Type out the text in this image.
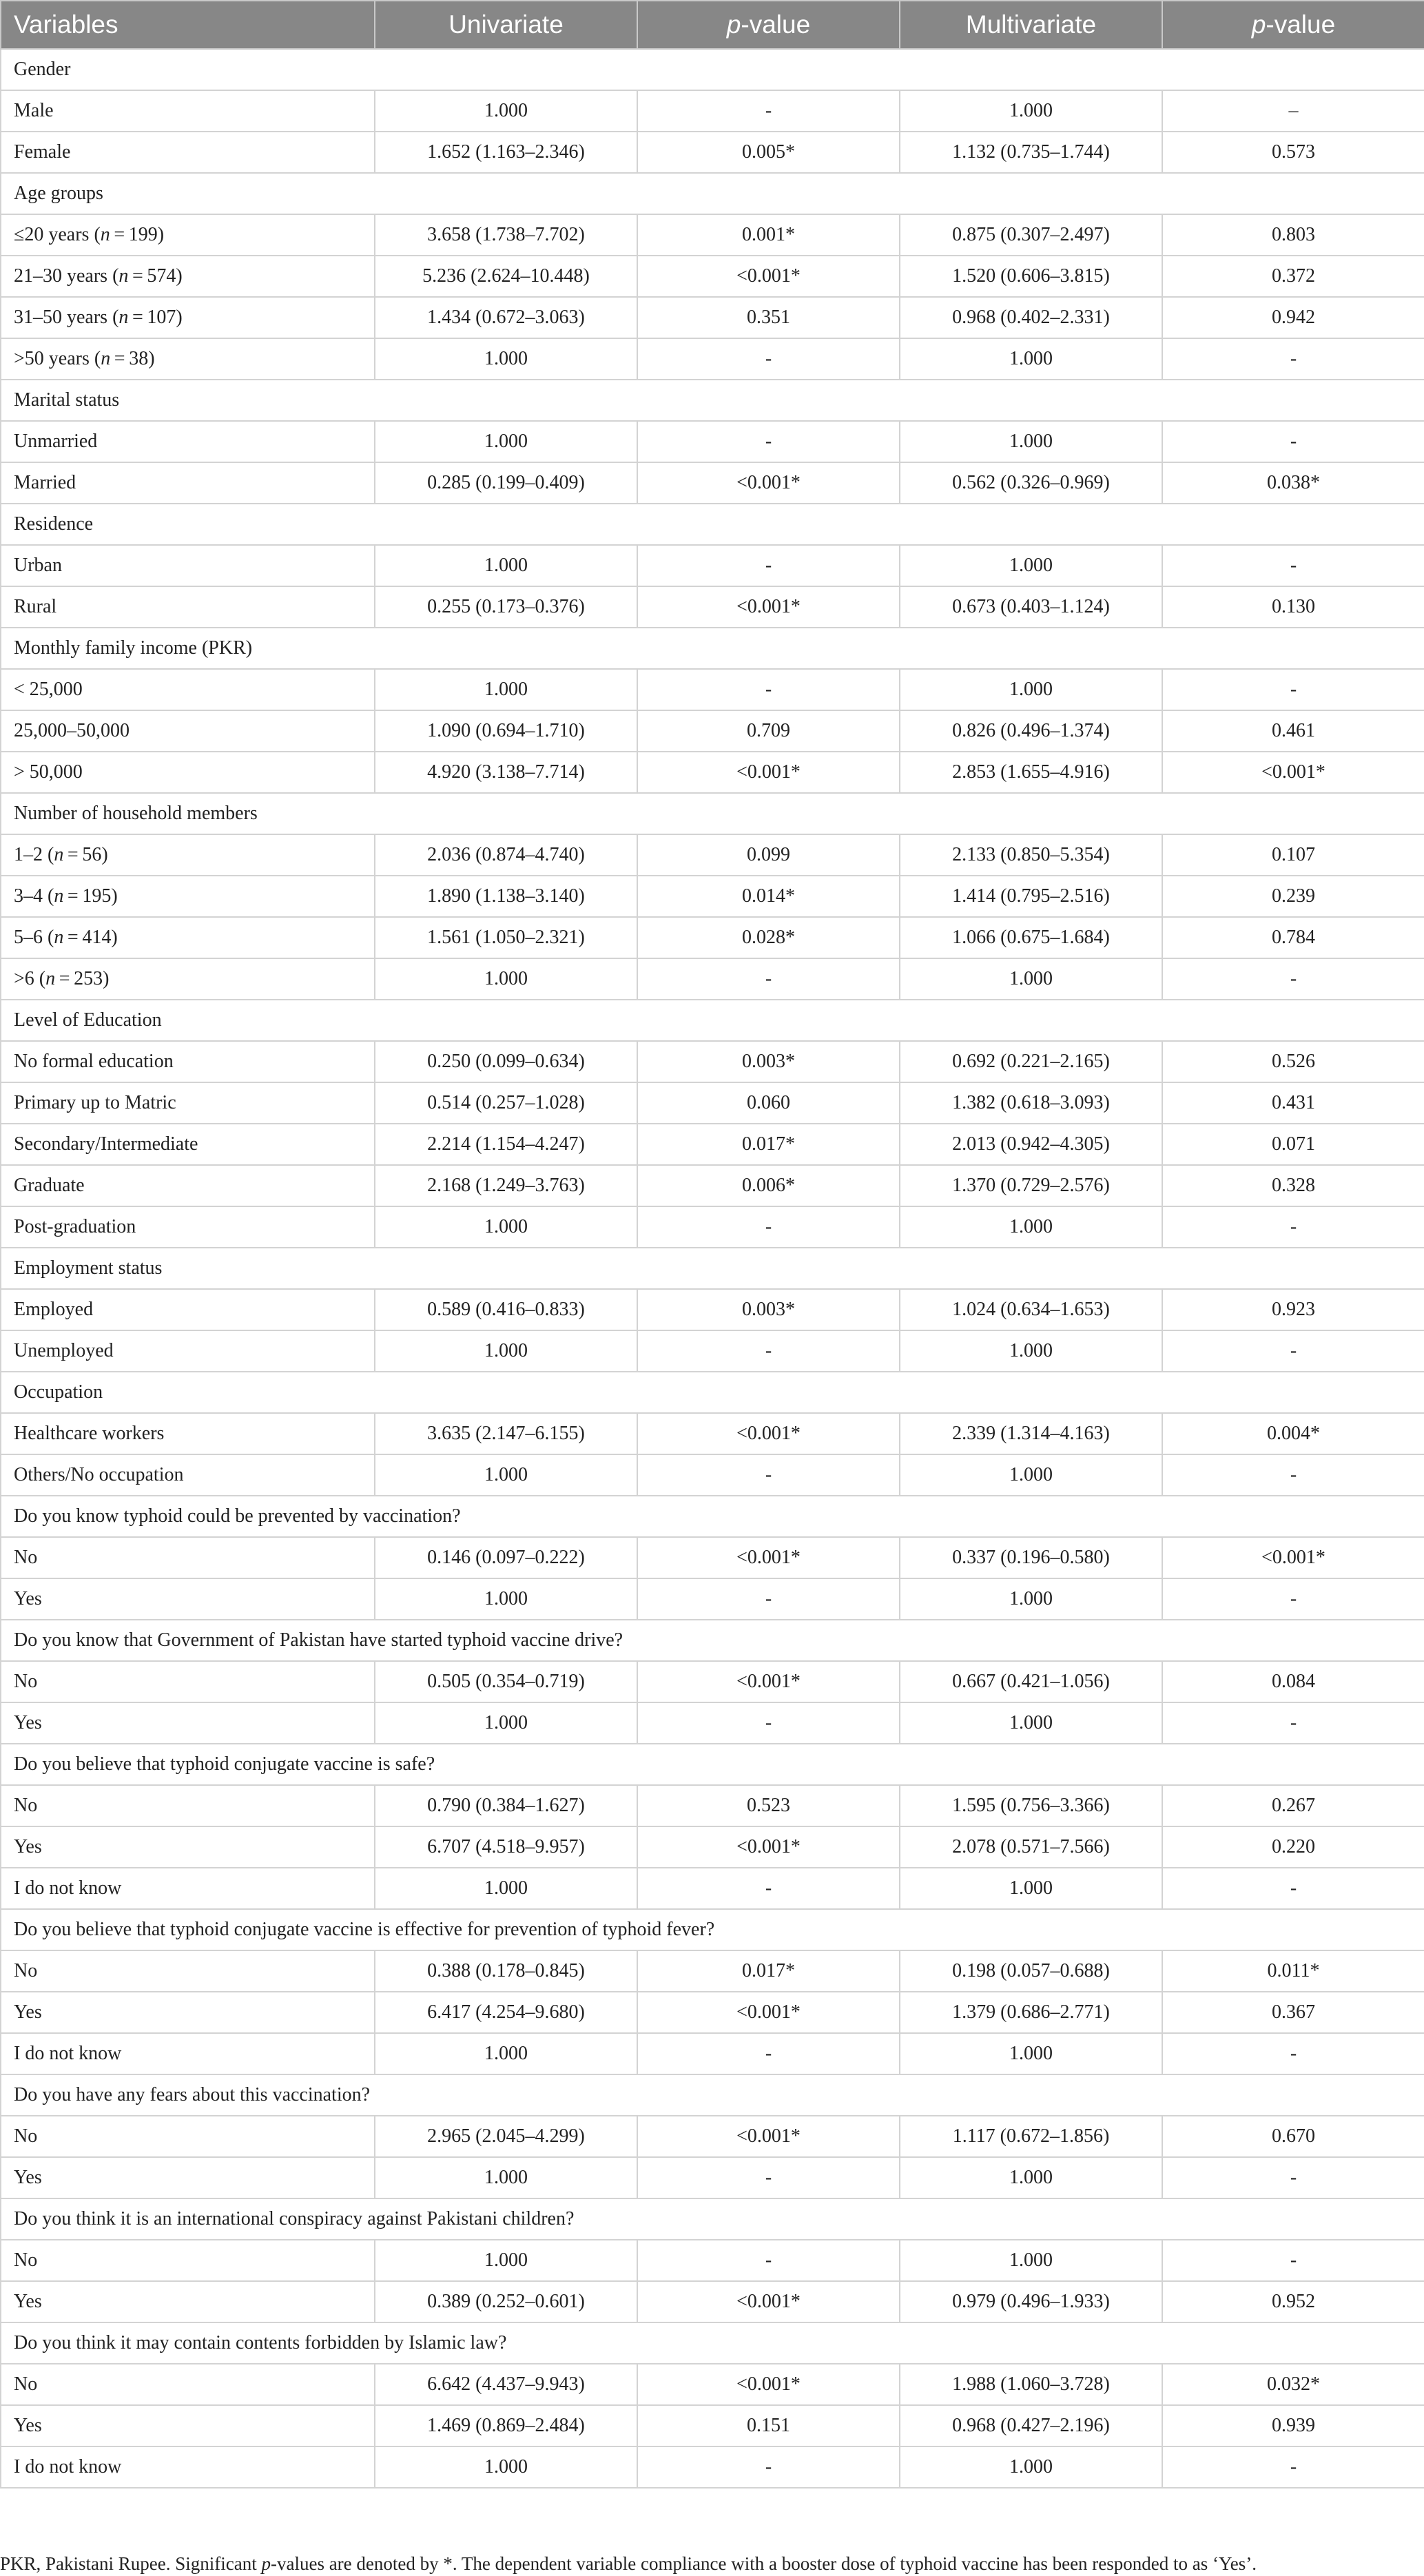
Variables	Univariate	p-value	Multivariate	p-value
Gender				
Male	1.000	-	1.000	–
Female	1.652 (1.163–2.346)	0.005*	1.132 (0.735–1.744)	0.573
Age groups				
≤20 years (n = 199)	3.658 (1.738–7.702)	0.001*	0.875 (0.307–2.497)	0.803
21–30 years (n = 574)	5.236 (2.624–10.448)	<0.001*	1.520 (0.606–3.815)	0.372
31–50 years (n = 107)	1.434 (0.672–3.063)	0.351	0.968 (0.402–2.331)	0.942
>50 years (n = 38)	1.000	-	1.000	-
Marital status				
Unmarried	1.000	-	1.000	-
Married	0.285 (0.199–0.409)	<0.001*	0.562 (0.326–0.969)	0.038*
Residence				
Urban	1.000	-	1.000	-
Rural	0.255 (0.173–0.376)	<0.001*	0.673 (0.403–1.124)	0.130
Monthly family income (PKR)				
< 25,000	1.000	-	1.000	-
25,000–50,000	1.090 (0.694–1.710)	0.709	0.826 (0.496–1.374)	0.461
> 50,000	4.920 (3.138–7.714)	<0.001*	2.853 (1.655–4.916)	<0.001*
Number of household members				
1–2 (n = 56)	2.036 (0.874–4.740)	0.099	2.133 (0.850–5.354)	0.107
3–4 (n = 195)	1.890 (1.138–3.140)	0.014*	1.414 (0.795–2.516)	0.239
5–6 (n = 414)	1.561 (1.050–2.321)	0.028*	1.066 (0.675–1.684)	0.784
>6 (n = 253)	1.000	-	1.000	-
Level of Education				
No formal education	0.250 (0.099–0.634)	0.003*	0.692 (0.221–2.165)	0.526
Primary up to Matric	0.514 (0.257–1.028)	0.060	1.382 (0.618–3.093)	0.431
Secondary/Intermediate	2.214 (1.154–4.247)	0.017*	2.013 (0.942–4.305)	0.071
Graduate	2.168 (1.249–3.763)	0.006*	1.370 (0.729–2.576)	0.328
Post-graduation	1.000	-	1.000	-
Employment status				
Employed	0.589 (0.416–0.833)	0.003*	1.024 (0.634–1.653)	0.923
Unemployed	1.000	-	1.000	-
Occupation				
Healthcare workers	3.635 (2.147–6.155)	<0.001*	2.339 (1.314–4.163)	0.004*
Others/No occupation	1.000	-	1.000	-
Do you know typhoid could be prevented by vaccination?				
No	0.146 (0.097–0.222)	<0.001*	0.337 (0.196–0.580)	<0.001*
Yes	1.000	-	1.000	-
Do you know that Government of Pakistan have started typhoid vaccine drive?				
No	0.505 (0.354–0.719)	<0.001*	0.667 (0.421–1.056)	0.084
Yes	1.000	-	1.000	-
Do you believe that typhoid conjugate vaccine is safe?				
No	0.790 (0.384–1.627)	0.523	1.595 (0.756–3.366)	0.267
Yes	6.707 (4.518–9.957)	<0.001*	2.078 (0.571–7.566)	0.220
I do not know	1.000	-	1.000	-
Do you believe that typhoid conjugate vaccine is effective for prevention of typhoid fever?				
No	0.388 (0.178–0.845)	0.017*	0.198 (0.057–0.688)	0.011*
Yes	6.417 (4.254–9.680)	<0.001*	1.379 (0.686–2.771)	0.367
I do not know	1.000	-	1.000	-
Do you have any fears about this vaccination?				
No	2.965 (2.045–4.299)	<0.001*	1.117 (0.672–1.856)	0.670
Yes	1.000	-	1.000	-
Do you think it is an international conspiracy against Pakistani children?				
No	1.000	-	1.000	-
Yes	0.389 (0.252–0.601)	<0.001*	0.979 (0.496–1.933)	0.952
Do you think it may contain contents forbidden by Islamic law?				
No	6.642 (4.437–9.943)	<0.001*	1.988 (1.060–3.728)	0.032*
Yes	1.469 (0.869–2.484)	0.151	0.968 (0.427–2.196)	0.939
I do not know	1.000	-	1.000	-
PKR, Pakistani Rupee. Significant p-values are denoted by *. The dependent variable compliance with a booster dose of typhoid vaccine has been responded to as ‘Yes’.
